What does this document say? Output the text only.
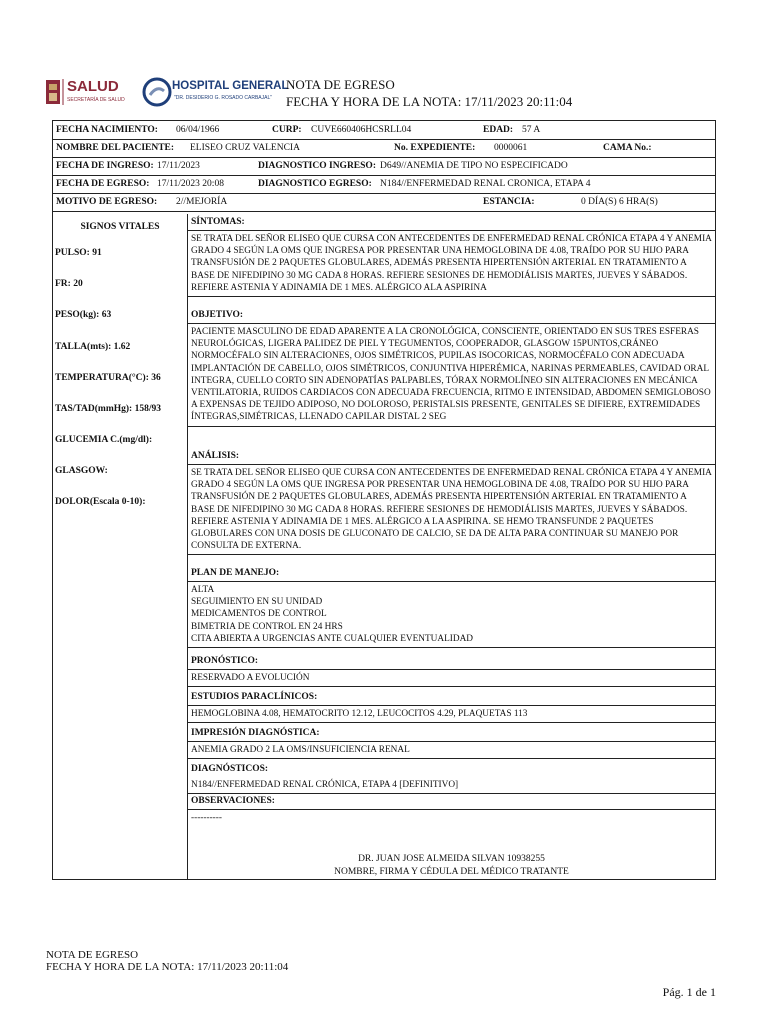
SALUD
SECRETARÍA DE SALUD
HOSPITAL GENERAL
"DR. DESIDERIO G. ROSADO CARBAJAL"
NOTA DE EGRESO
FECHA Y HORA DE LA NOTA: 17/11/2023 20:11:04
FECHA NACIMIENTO: 06/04/1966	CURP: CUVE660406HCSRLL04	EDAD: 57 A
NOMBRE DEL PACIENTE: ELISEO CRUZ VALENCIA	No. EXPEDIENTE: 0000061	CAMA No.:
FECHA DE INGRESO: 17/11/2023	DIAGNOSTICO INGRESO: D649//ANEMIA DE TIPO NO ESPECIFICADO
FECHA DE EGRESO: 17/11/2023 20:08	DIAGNOSTICO EGRESO: N184//ENFERMEDAD RENAL CRONICA, ETAPA 4
MOTIVO DE EGRESO: 2//MEJORÍA	ESTANCIA:	0 DÍA(S) 6 HRA(S)
SIGNOS VITALES
PULSO: 91
FR: 20
PESO(kg): 63
TALLA(mts): 1.62
TEMPERATURA(°C): 36
TAS/TAD(mmHg): 158/93
GLUCEMIA C.(mg/dl):
GLASGOW:
DOLOR(Escala 0-10):
SÍNTOMAS:
SE TRATA DEL SEÑOR ELISEO QUE CURSA CON ANTECEDENTES DE ENFERMEDAD RENAL CRÓNICA ETAPA 4 Y ANEMIA GRADO 4 SEGÚN LA OMS QUE INGRESA POR PRESENTAR UNA HEMOGLOBINA DE 4.08, TRAÍDO POR SU HIJO PARA TRANSFUSIÓN DE 2 PAQUETES GLOBULARES, ADEMÁS PRESENTA HIPERTENSIÓN ARTERIAL EN TRATAMIENTO A BASE DE NIFEDIPINO 30 MG CADA 8 HORAS. REFIERE SESIONES DE HEMODIÁLISIS MARTES, JUEVES Y SÁBADOS. REFIERE ASTENIA Y ADINAMIA DE 1 MES. ALÉRGICO ALA ASPIRINA
OBJETIVO:
PACIENTE MASCULINO DE EDAD APARENTE A LA CRONOLÓGICA, CONSCIENTE, ORIENTADO EN SUS TRES ESFERAS NEUROLÓGICAS, LIGERA PALIDEZ DE PIEL Y TEGUMENTOS, COOPERADOR, GLASGOW 15PUNTOS,CRÁNEO NORMOCÉFALO SIN ALTERACIONES, OJOS SIMÉTRICOS, PUPILAS ISOCORICAS, NORMOCÉFALO CON ADECUADA IMPLANTACIÓN DE CABELLO, OJOS SIMÉTRICOS, CONJUNTIVA HIPERÉMICA, NARINAS PERMEABLES, CAVIDAD ORAL INTEGRA, CUELLO CORTO SIN ADENOPATÍAS PALPABLES, TÓRAX NORMOLÍNEO SIN ALTERACIONES EN MECÁNICA VENTILATORIA, RUIDOS CARDIACOS CON ADECUADA FRECUENCIA, RITMO E INTENSIDAD, ABDOMEN SEMIGLOBOSO A EXPENSAS DE TEJIDO ADIPOSO, NO DOLOROSO, PERISTALSIS PRESENTE, GENITALES SE DIFIERE, EXTREMIDADES ÍNTEGRAS,SIMÉTRICAS, LLENADO CAPILAR DISTAL 2 SEG
ANÁLISIS:
SE TRATA DEL SEÑOR ELISEO QUE CURSA CON ANTECEDENTES DE ENFERMEDAD RENAL CRÓNICA ETAPA 4 Y ANEMIA GRADO 4 SEGÚN LA OMS QUE INGRESA POR PRESENTAR UNA HEMOGLOBINA DE 4.08, TRAÍDO POR SU HIJO PARA TRANSFUSIÓN DE 2 PAQUETES GLOBULARES, ADEMÁS PRESENTA HIPERTENSIÓN ARTERIAL EN TRATAMIENTO A BASE DE NIFEDIPINO 30 MG CADA 8 HORAS. REFIERE SESIONES DE HEMODIÁLISIS MARTES, JUEVES Y SÁBADOS. REFIERE ASTENIA Y ADINAMIA DE 1 MES. ALÉRGICO A LA ASPIRINA. SE HEMO TRANSFUNDE 2 PAQUETES GLOBULARES CON UNA DOSIS DE GLUCONATO DE CALCIO, SE DA DE ALTA PARA CONTINUAR SU MANEJO POR CONSULTA DE EXTERNA.
PLAN DE MANEJO:
ALTA
SEGUIMIENTO EN SU UNIDAD
MEDICAMENTOS DE CONTROL
BIMETRIA DE CONTROL EN 24 HRS
CITA ABIERTA A URGENCIAS ANTE CUALQUIER EVENTUALIDAD
PRONÓSTICO:
RESERVADO A EVOLUCIÓN
ESTUDIOS PARACLÍNICOS:
HEMOGLOBINA 4.08, HEMATOCRITO 12.12, LEUCOCITOS 4.29, PLAQUETAS 113
IMPRESIÓN DIAGNÓSTICA:
ANEMIA GRADO 2 LA OMS/INSUFICIENCIA RENAL
DIAGNÓSTICOS:
N184//ENFERMEDAD RENAL CRÓNICA, ETAPA 4 [DEFINITIVO]
OBSERVACIONES:
----------
DR. JUAN JOSE ALMEIDA SILVAN 10938255
NOMBRE, FIRMA Y CÉDULA DEL MÉDICO TRATANTE
NOTA DE EGRESO
FECHA Y HORA DE LA NOTA: 17/11/2023 20:11:04
Pág. 1 de 1
